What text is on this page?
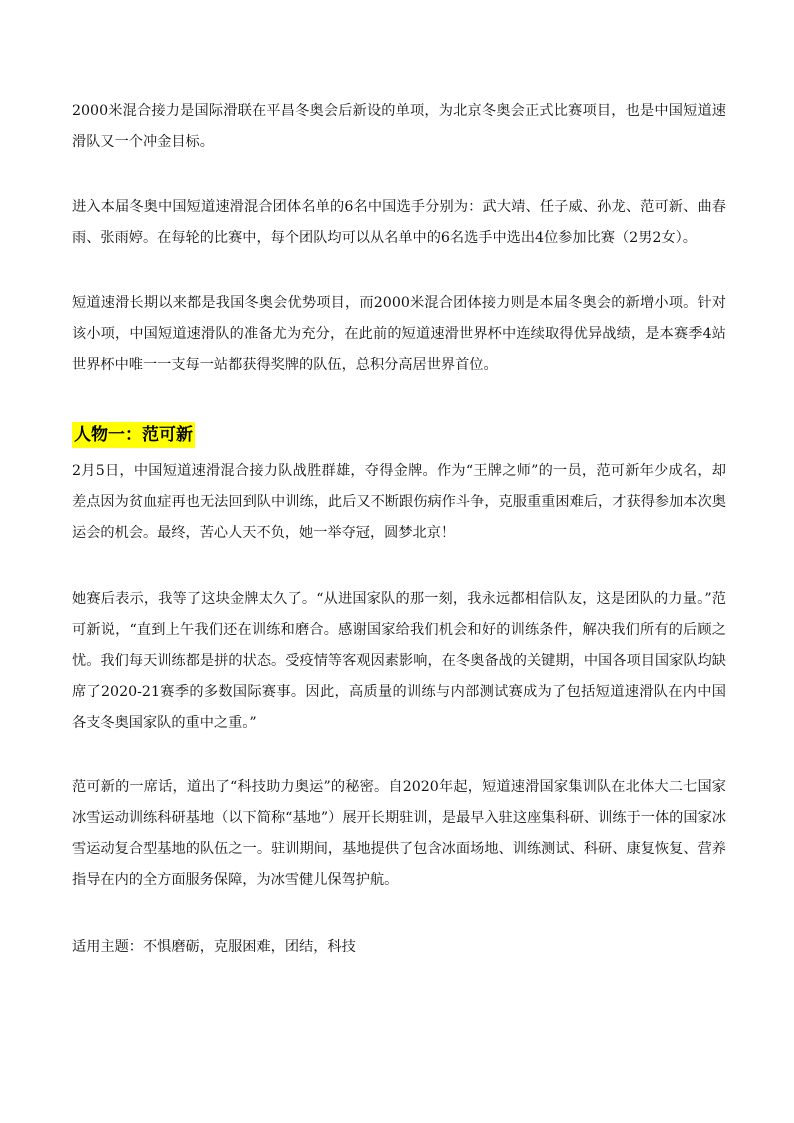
2000米混合接力是国际滑联在平昌冬奥会后新设的单项，为北京冬奥会正式比赛项目，也是中国短道速滑队又一个冲金目标。

进入本届冬奥中国短道速滑混合团体名单的6名中国选手分别为：武大靖、任子威、孙龙、范可新、曲春雨、张雨婷。在每轮的比赛中，每个团队均可以从名单中的6名选手中选出4位参加比赛（2男2女）。

短道速滑长期以来都是我国冬奥会优势项目，而2000米混合团体接力则是本届冬奥会的新增小项。针对该小项，中国短道速滑队的准备尤为充分，在此前的短道速滑世界杯中连续取得优异战绩，是本赛季4站世界杯中唯一一支每一站都获得奖牌的队伍，总积分高居世界首位。

人物一：范可新

2月5日，中国短道速滑混合接力队战胜群雄，夺得金牌。作为“王牌之师”的一员，范可新年少成名，却差点因为贫血症再也无法回到队中训练，此后又不断跟伤病作斗争，克服重重困难后，才获得参加本次奥运会的机会。最终，苦心人天不负，她一举夺冠，圆梦北京！

她赛后表示，我等了这块金牌太久了。“从进国家队的那一刻，我永远都相信队友，这是团队的力量。”范可新说，“直到上午我们还在训练和磨合。感谢国家给我们机会和好的训练条件，解决我们所有的后顾之忧。我们每天训练都是拼的状态。受疫情等客观因素影响，在冬奥备战的关键期，中国各项目国家队均缺席了2020-21赛季的多数国际赛事。因此，高质量的训练与内部测试赛成为了包括短道速滑队在内中国各支冬奥国家队的重中之重。”

范可新的一席话，道出了“科技助力奥运”的秘密。自2020年起，短道速滑国家集训队在北体大二七国家冰雪运动训练科研基地（以下简称“基地”）展开长期驻训，是最早入驻这座集科研、训练于一体的国家冰雪运动复合型基地的队伍之一。驻训期间，基地提供了包含冰面场地、训练测试、科研、康复恢复、营养指导在内的全方面服务保障，为冰雪健儿保驾护航。

适用主题：不惧磨砺，克服困难，团结，科技
